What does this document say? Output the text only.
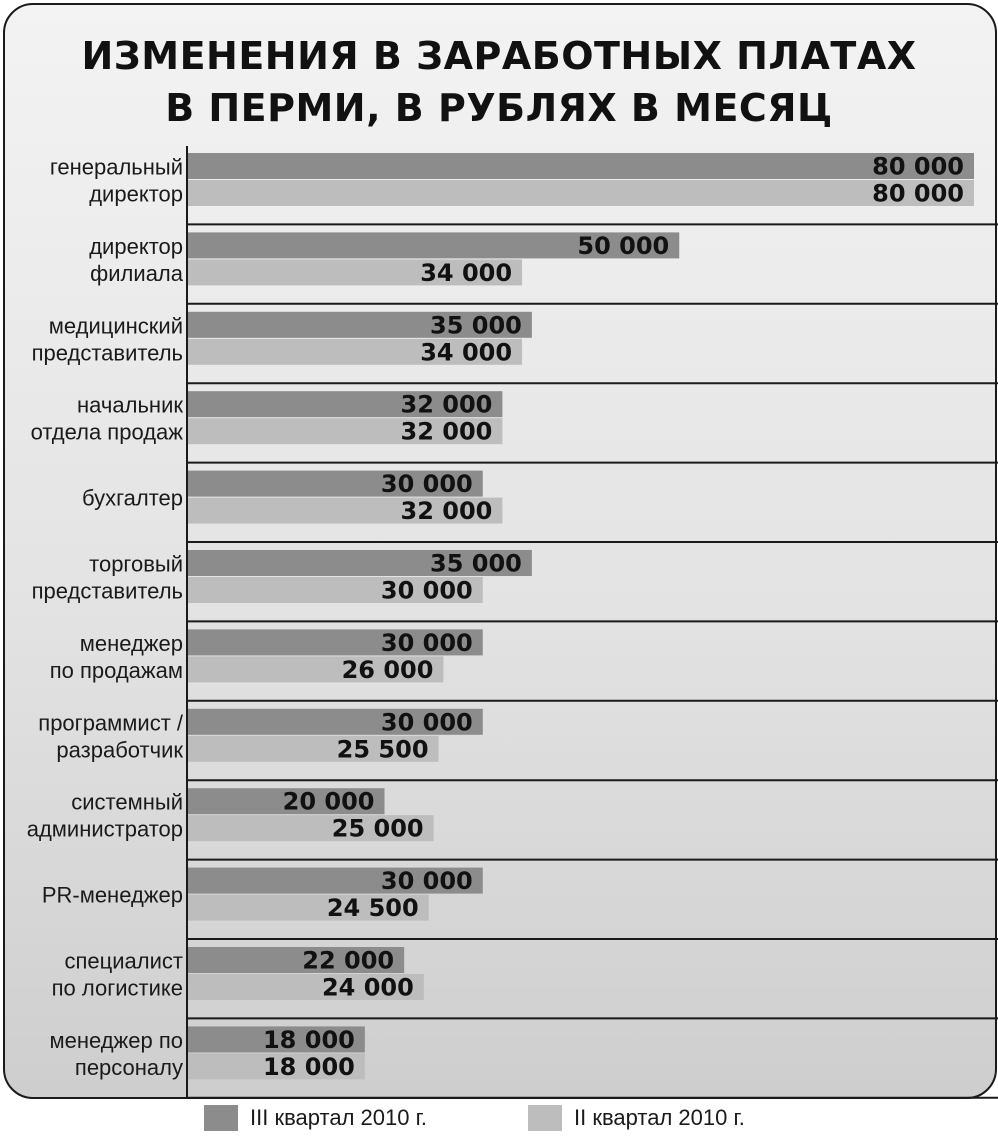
ИЗМЕНЕНИЯ В ЗАРАБОТНЫХ ПЛАТАХ
В ПЕРМИ, В РУБЛЯХ В МЕСЯЦ
80 000
80 000
генеральный
директор
50 000
34 000
директор
филиала
35 000
34 000
медицинский
представитель
32 000
32 000
начальник
отдела продаж
30 000
32 000
бухгалтер
35 000
30 000
торговый
представитель
30 000
26 000
менеджер
по продажам
30 000
25 500
программист /
разработчик
20 000
25 000
системный
администратор
30 000
24 500
PR-менеджер
22 000
24 000
специалист
по логистике
18 000
18 000
менеджер по
персоналу
III квартал 2010 г.	II квартал 2010 г.
